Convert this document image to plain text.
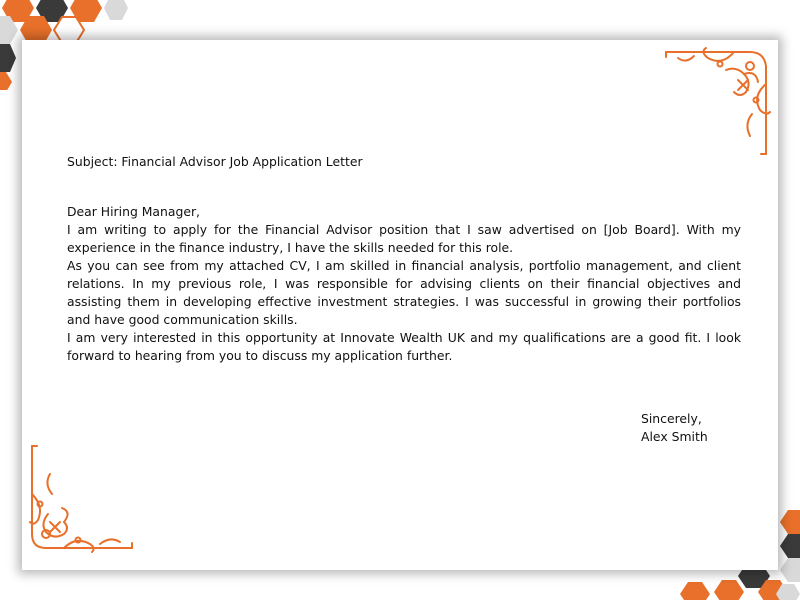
Subject: Financial Advisor Job Application Letter

Dear Hiring Manager,

I am writing to apply for the Financial Advisor position that I saw advertised on [Job Board]. With my experience in the finance industry, I have the skills needed for this role.

As you can see from my attached CV, I am skilled in financial analysis, portfolio management, and client relations. In my previous role, I was responsible for advising clients on their financial objectives and assisting them in developing effective investment strategies. I was successful in growing their portfolios and have good communication skills.

I am very interested in this opportunity at Innovate Wealth UK and my qualifications are a good fit. I look forward to hearing from you to discuss my application further.

Sincerely,
Alex Smith
